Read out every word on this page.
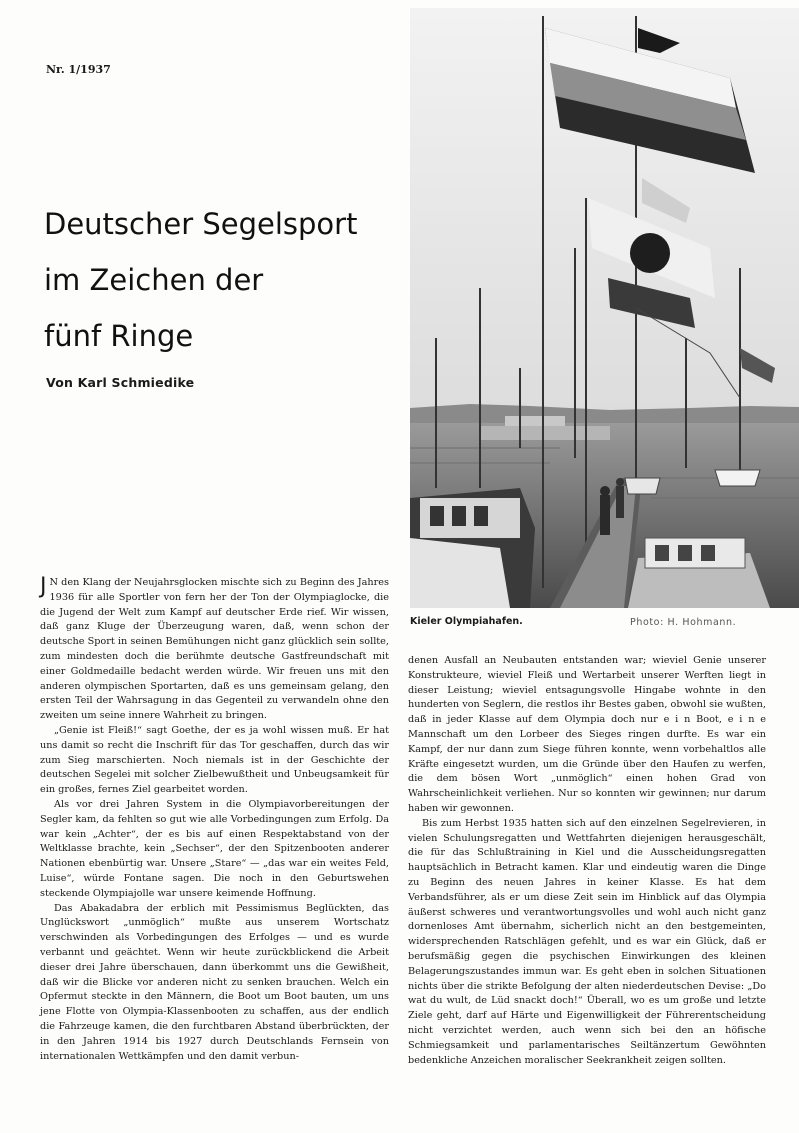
Nr. 1/1937
Deutscher Segelsport
im Zeichen der
fünf Ringe
Von Karl Schmiedike
Kieler Olympiahafen.	Photo: H. Hohmann.

J N den Klang der Neujahrsglocken mischte sich zu Beginn des Jahres 1936 für alle Sportler von fern her der Ton der Olympiaglocke, die die Jugend der Welt zum Kampf auf deutscher Erde rief. Wir wissen, daß ganz Kluge der Überzeugung waren, daß, wenn schon der deutsche Sport in seinen Bemühungen nicht ganz glücklich sein sollte, zum mindesten doch die berühmte deutsche Gastfreundschaft mit einer Goldmedaille bedacht werden würde. Wir freuen uns mit den anderen olympischen Sportarten, daß es uns gemeinsam gelang, den ersten Teil der Wahrsagung in das Gegenteil zu verwandeln ohne den zweiten um seine innere Wahrheit zu bringen.

„Genie ist Fleiß!“ sagt Goethe, der es ja wohl wissen muß. Er hat uns damit so recht die Inschrift für das Tor geschaffen, durch das wir zum Sieg marschierten. Noch niemals ist in der Geschichte der deutschen Segelei mit solcher Zielbewußtheit und Unbeugsamkeit für ein großes, fernes Ziel gearbeitet worden.

Als vor drei Jahren System in die Olympiavorbereitungen der Segler kam, da fehlten so gut wie alle Vorbedingungen zum Erfolg. Da war kein „Achter“, der es bis auf einen Respektabstand von der Weltklasse brachte, kein „Sechser“, der den Spitzenbooten anderer Nationen ebenbürtig war. Unsere „Stare“ — „das war ein weites Feld, Luise“, würde Fontane sagen. Die noch in den Geburtswehen steckende Olympiajolle war unsere keimende Hoffnung.

Das Abakadabra der erblich mit Pessimismus Beglückten, das Unglückswort „unmöglich“ mußte aus unserem Wortschatz verschwinden als Vorbedingungen des Erfolges — und es wurde verbannt und geächtet. Wenn wir heute zurückblickend die Arbeit dieser drei Jahre überschauen, dann überkommt uns die Gewißheit, daß wir die Blicke vor anderen nicht zu senken brauchen. Welch ein Opfermut steckte in den Männern, die Boot um Boot bauten, um uns jene Flotte von Olympia-Klassenbooten zu schaffen, aus der endlich die Fahrzeuge kamen, die den furchtbaren Abstand überbrückten, der in den Jahren 1914 bis 1927 durch Deutschlands Fernsein von internationalen Wettkämpfen und den damit verbun-

denen Ausfall an Neubauten entstanden war; wieviel Genie unserer Konstrukteure, wieviel Fleiß und Wertarbeit unserer Werften liegt in dieser Leistung; wieviel entsagungsvolle Hingabe wohnte in den hunderten von Seglern, die restlos ihr Bestes gaben, obwohl sie wußten, daß in jeder Klasse auf dem Olympia doch nur e i n Boot, e i n e Mannschaft um den Lorbeer des Sieges ringen durfte. Es war ein Kampf, der nur dann zum Siege führen konnte, wenn vorbehaltlos alle Kräfte eingesetzt wurden, um die Gründe über den Haufen zu werfen, die dem bösen Wort „unmöglich“ einen hohen Grad von Wahrscheinlichkeit verliehen. Nur so konnten wir gewinnen; nur darum haben wir gewonnen.

Bis zum Herbst 1935 hatten sich auf den einzelnen Segelrevieren, in vielen Schulungsregatten und Wettfahrten diejenigen herausgeschält, die für das Schlußtraining in Kiel und die Ausscheidungsregatten hauptsächlich in Betracht kamen. Klar und eindeutig waren die Dinge zu Beginn des neuen Jahres in keiner Klasse. Es hat dem Verbandsführer, als er um diese Zeit sein im Hinblick auf das Olympia äußerst schweres und verantwortungsvolles und wohl auch nicht ganz dornenloses Amt übernahm, sicherlich nicht an den bestgemeinten, widersprechenden Ratschlägen gefehlt, und es war ein Glück, daß er berufsmäßig gegen die psychischen Einwirkungen des kleinen Belagerungszustandes immun war. Es geht eben in solchen Situationen nichts über die strikte Befolgung der alten niederdeutschen Devise: „Do wat du wult, de Lüd snackt doch!“ Überall, wo es um große und letzte Ziele geht, darf auf Härte und Eigenwilligkeit der Führerentscheidung nicht verzichtet werden, auch wenn sich bei den an höfische Schmiegsamkeit und parlamentarisches Seiltänzertum Gewöhnten bedenkliche Anzeichen moralischer Seekrankheit zeigen sollten.
